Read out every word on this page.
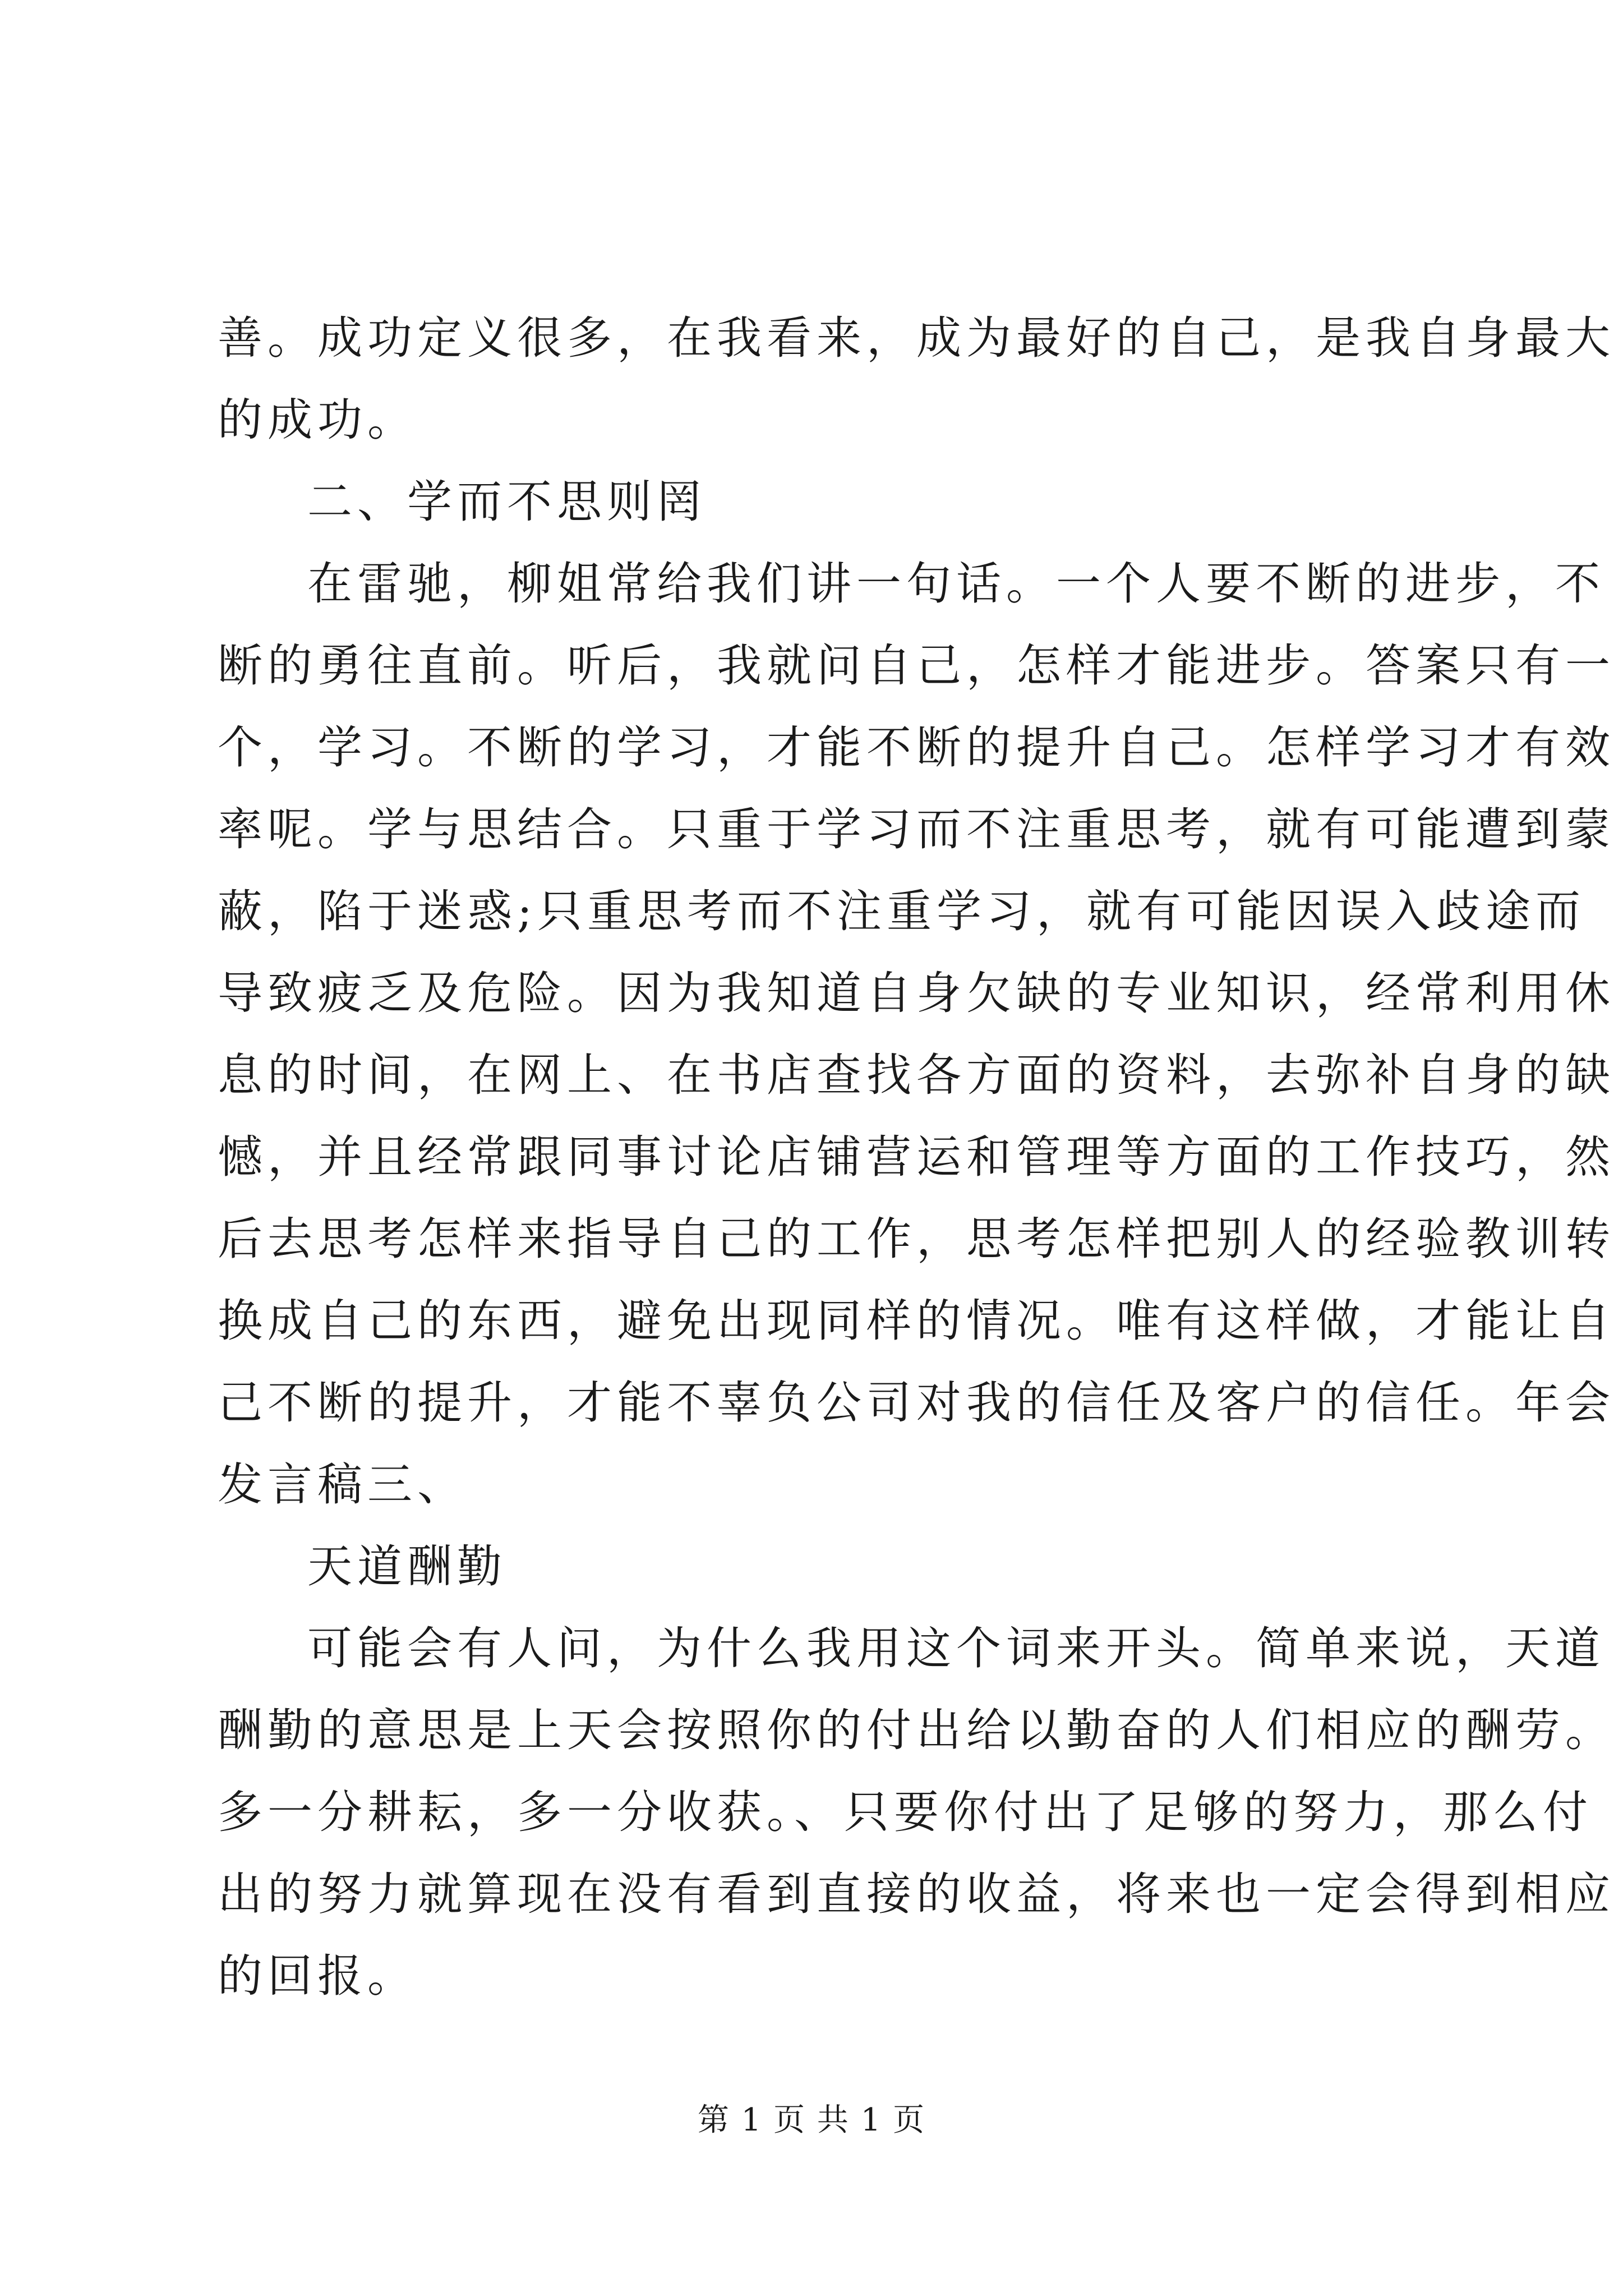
善。成功定义很多，在我看来，成为最好的自己，是我自身最大
的成功。
二、学而不思则罔
在雷驰，柳姐常给我们讲一句话。一个人要不断的进步，不
断的勇往直前。听后，我就问自己，怎样才能进步。答案只有一
个，学习。不断的学习，才能不断的提升自己。怎样学习才有效
率呢。学与思结合。只重于学习而不注重思考，就有可能遭到蒙
蔽，陷于迷惑;只重思考而不注重学习，就有可能因误入歧途而
导致疲乏及危险。因为我知道自身欠缺的专业知识，经常利用休
息的时间，在网上、在书店查找各方面的资料，去弥补自身的缺
憾，并且经常跟同事讨论店铺营运和管理等方面的工作技巧，然
后去思考怎样来指导自己的工作，思考怎样把别人的经验教训转
换成自己的东西，避免出现同样的情况。唯有这样做，才能让自
己不断的提升，才能不辜负公司对我的信任及客户的信任。年会
发言稿三、
天道酬勤
可能会有人问，为什么我用这个词来开头。简单来说，天道
酬勤的意思是上天会按照你的付出给以勤奋的人们相应的酬劳。
多一分耕耘，多一分收获。、只要你付出了足够的努力，那么付
出的努力就算现在没有看到直接的收益，将来也一定会得到相应
的回报。
第 1 页 共 1 页
